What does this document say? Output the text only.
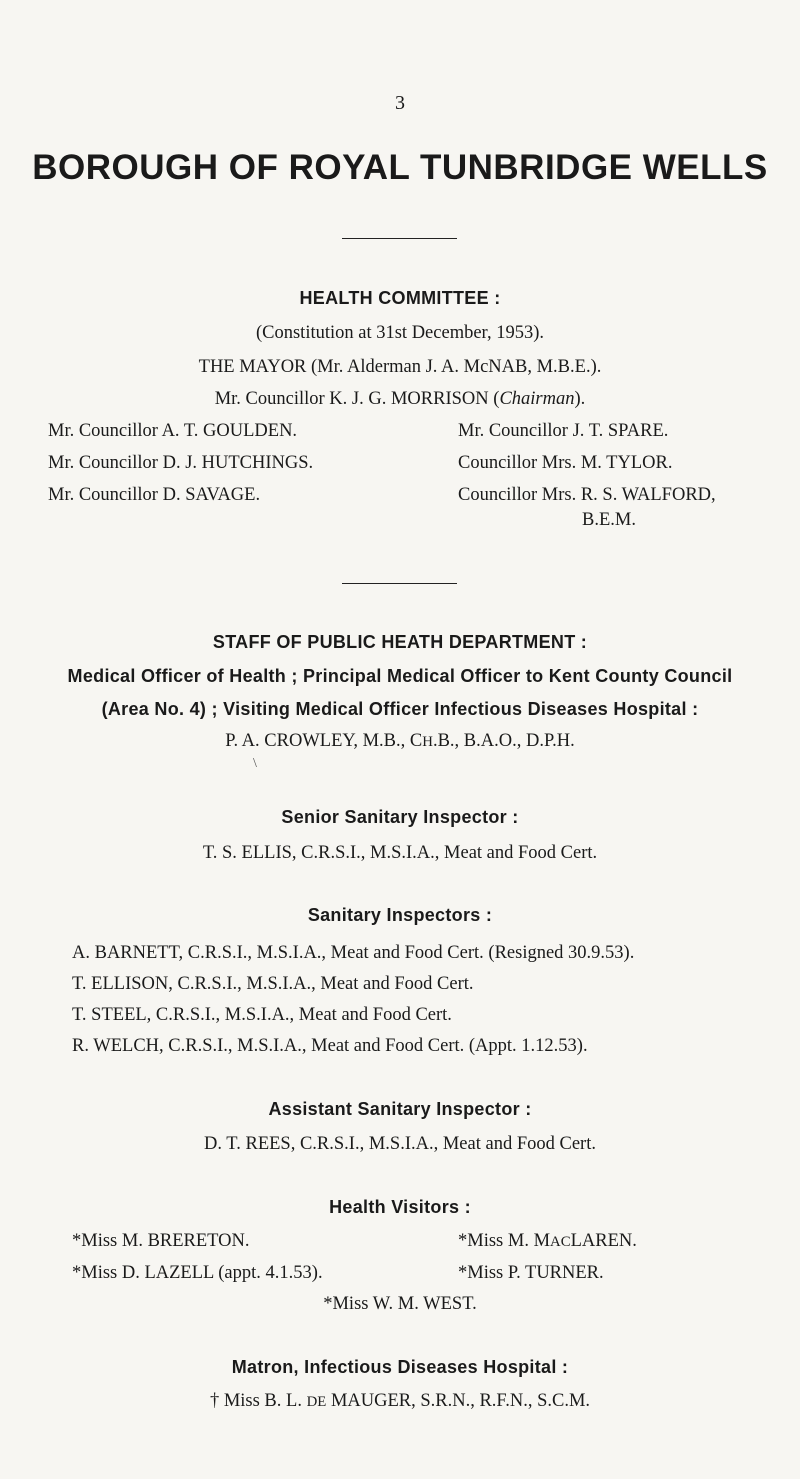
3
BOROUGH OF ROYAL TUNBRIDGE WELLS
HEALTH COMMITTEE :
(Constitution at 31st December, 1953).
THE MAYOR (Mr. Alderman J. A. McNAB, M.B.E.).
Mr. Councillor K. J. G. MORRISON (Chairman).
Mr. Councillor A. T. GOULDEN.
Mr. Councillor D. J. HUTCHINGS.
Mr. Councillor D. SAVAGE.
Mr. Councillor J. T. SPARE.
Councillor Mrs. M. TYLOR.
Councillor Mrs. R. S. WALFORD,
B.E.M.
STAFF OF PUBLIC HEATH DEPARTMENT :
Medical Officer of Health ; Principal Medical Officer to Kent County Council
(Area No. 4) ; Visiting Medical Officer Infectious Diseases Hospital :
P. A. CROWLEY, M.B., CH.B., B.A.O., D.P.H.
\
Senior Sanitary Inspector :
T. S. ELLIS, C.R.S.I., M.S.I.A., Meat and Food Cert.
Sanitary Inspectors :
A. BARNETT, C.R.S.I., M.S.I.A., Meat and Food Cert. (Resigned 30.9.53).
T. ELLISON, C.R.S.I., M.S.I.A., Meat and Food Cert.
T. STEEL, C.R.S.I., M.S.I.A., Meat and Food Cert.
R. WELCH, C.R.S.I., M.S.I.A., Meat and Food Cert. (Appt. 1.12.53).
Assistant Sanitary Inspector :
D. T. REES, C.R.S.I., M.S.I.A., Meat and Food Cert.
Health Visitors :
*Miss M. BRERETON.
*Miss D. LAZELL (appt. 4.1.53).
*Miss M. MACLAREN.
*Miss P. TURNER.
*Miss W. M. WEST.
Matron, Infectious Diseases Hospital :
† Miss B. L. DE MAUGER, S.R.N., R.F.N., S.C.M.
